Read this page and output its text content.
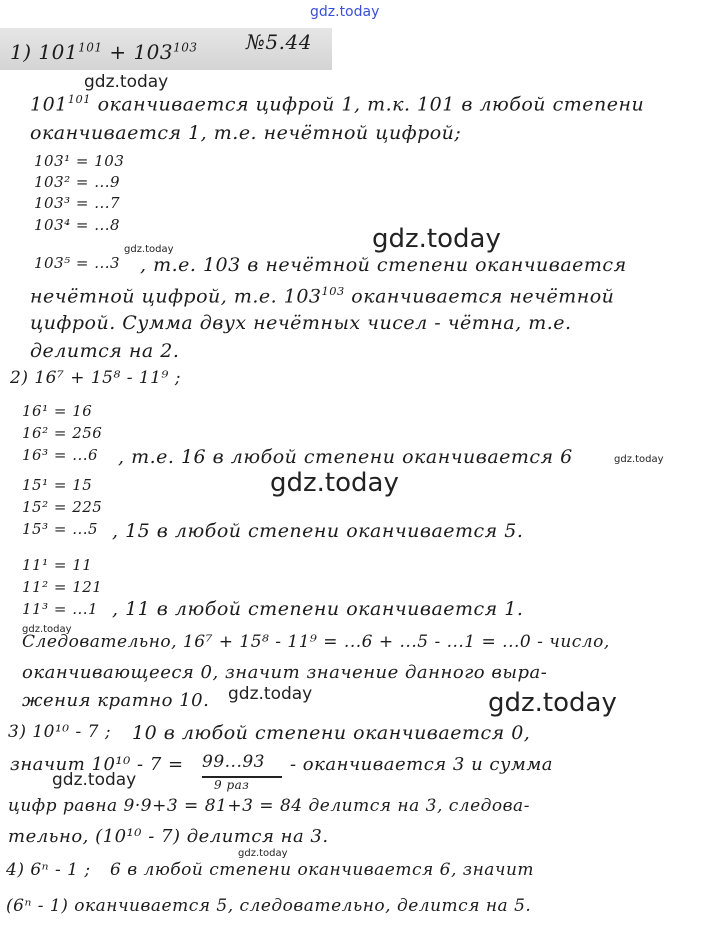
gdz.today
gdz.today
gdz.today
gdz.today
gdz.today
gdz.today
gdz.today
gdz.today	gdz.today
gdz.today
gdz.today
1) $101^{101} + 103^{103}$ №5.44
$101^{101}$ оканчивается цифрой 1, т.к. 101 в любой степени
оканчивается 1, т.е. нечётной цифрой;
103¹ = 103
103² = ...9
103³ = ...7
103⁴ = ...8
103⁵ = ...3 , т.е. 103 в нечётной степени оканчивается
нечётной цифрой, т.е. $103^{103}$ оканчивается нечётной
цифрой. Сумма двух нечётных чисел - чётна, т.е.
делится на 2.
2) 16⁷ + 15⁸ - 11⁹ ;
16¹ = 16
16² = 256
16³ = ...6 , т.е. 16 в любой степени оканчивается 6
15¹ = 15
15² = 225
15³ = ...5 , 15 в любой степени оканчивается 5.
11¹ = 11
11² = 121
11³ = ...1 , 11 в любой степени оканчивается 1.
Следовательно, 16⁷ + 15⁸ - 11⁹ = ...6 + ...5 - ...1 = ...0 - число,
оканчивающееся 0, значит значение данного выра-
жения кратно 10.
3) 10¹⁰ - 7 ; 10 в любой степени оканчивается 0,
значит 10¹⁰ - 7 = 99...93
9 раз
- оканчивается 3 и сумма
цифр равна 9·9+3 = 81+3 = 84 делится на 3, следова-
тельно, (10¹⁰ - 7) делится на 3.
4) 6ⁿ - 1 ; 6 в любой степени оканчивается 6, значит
(6ⁿ - 1) оканчивается 5, следовательно, делится на 5.
